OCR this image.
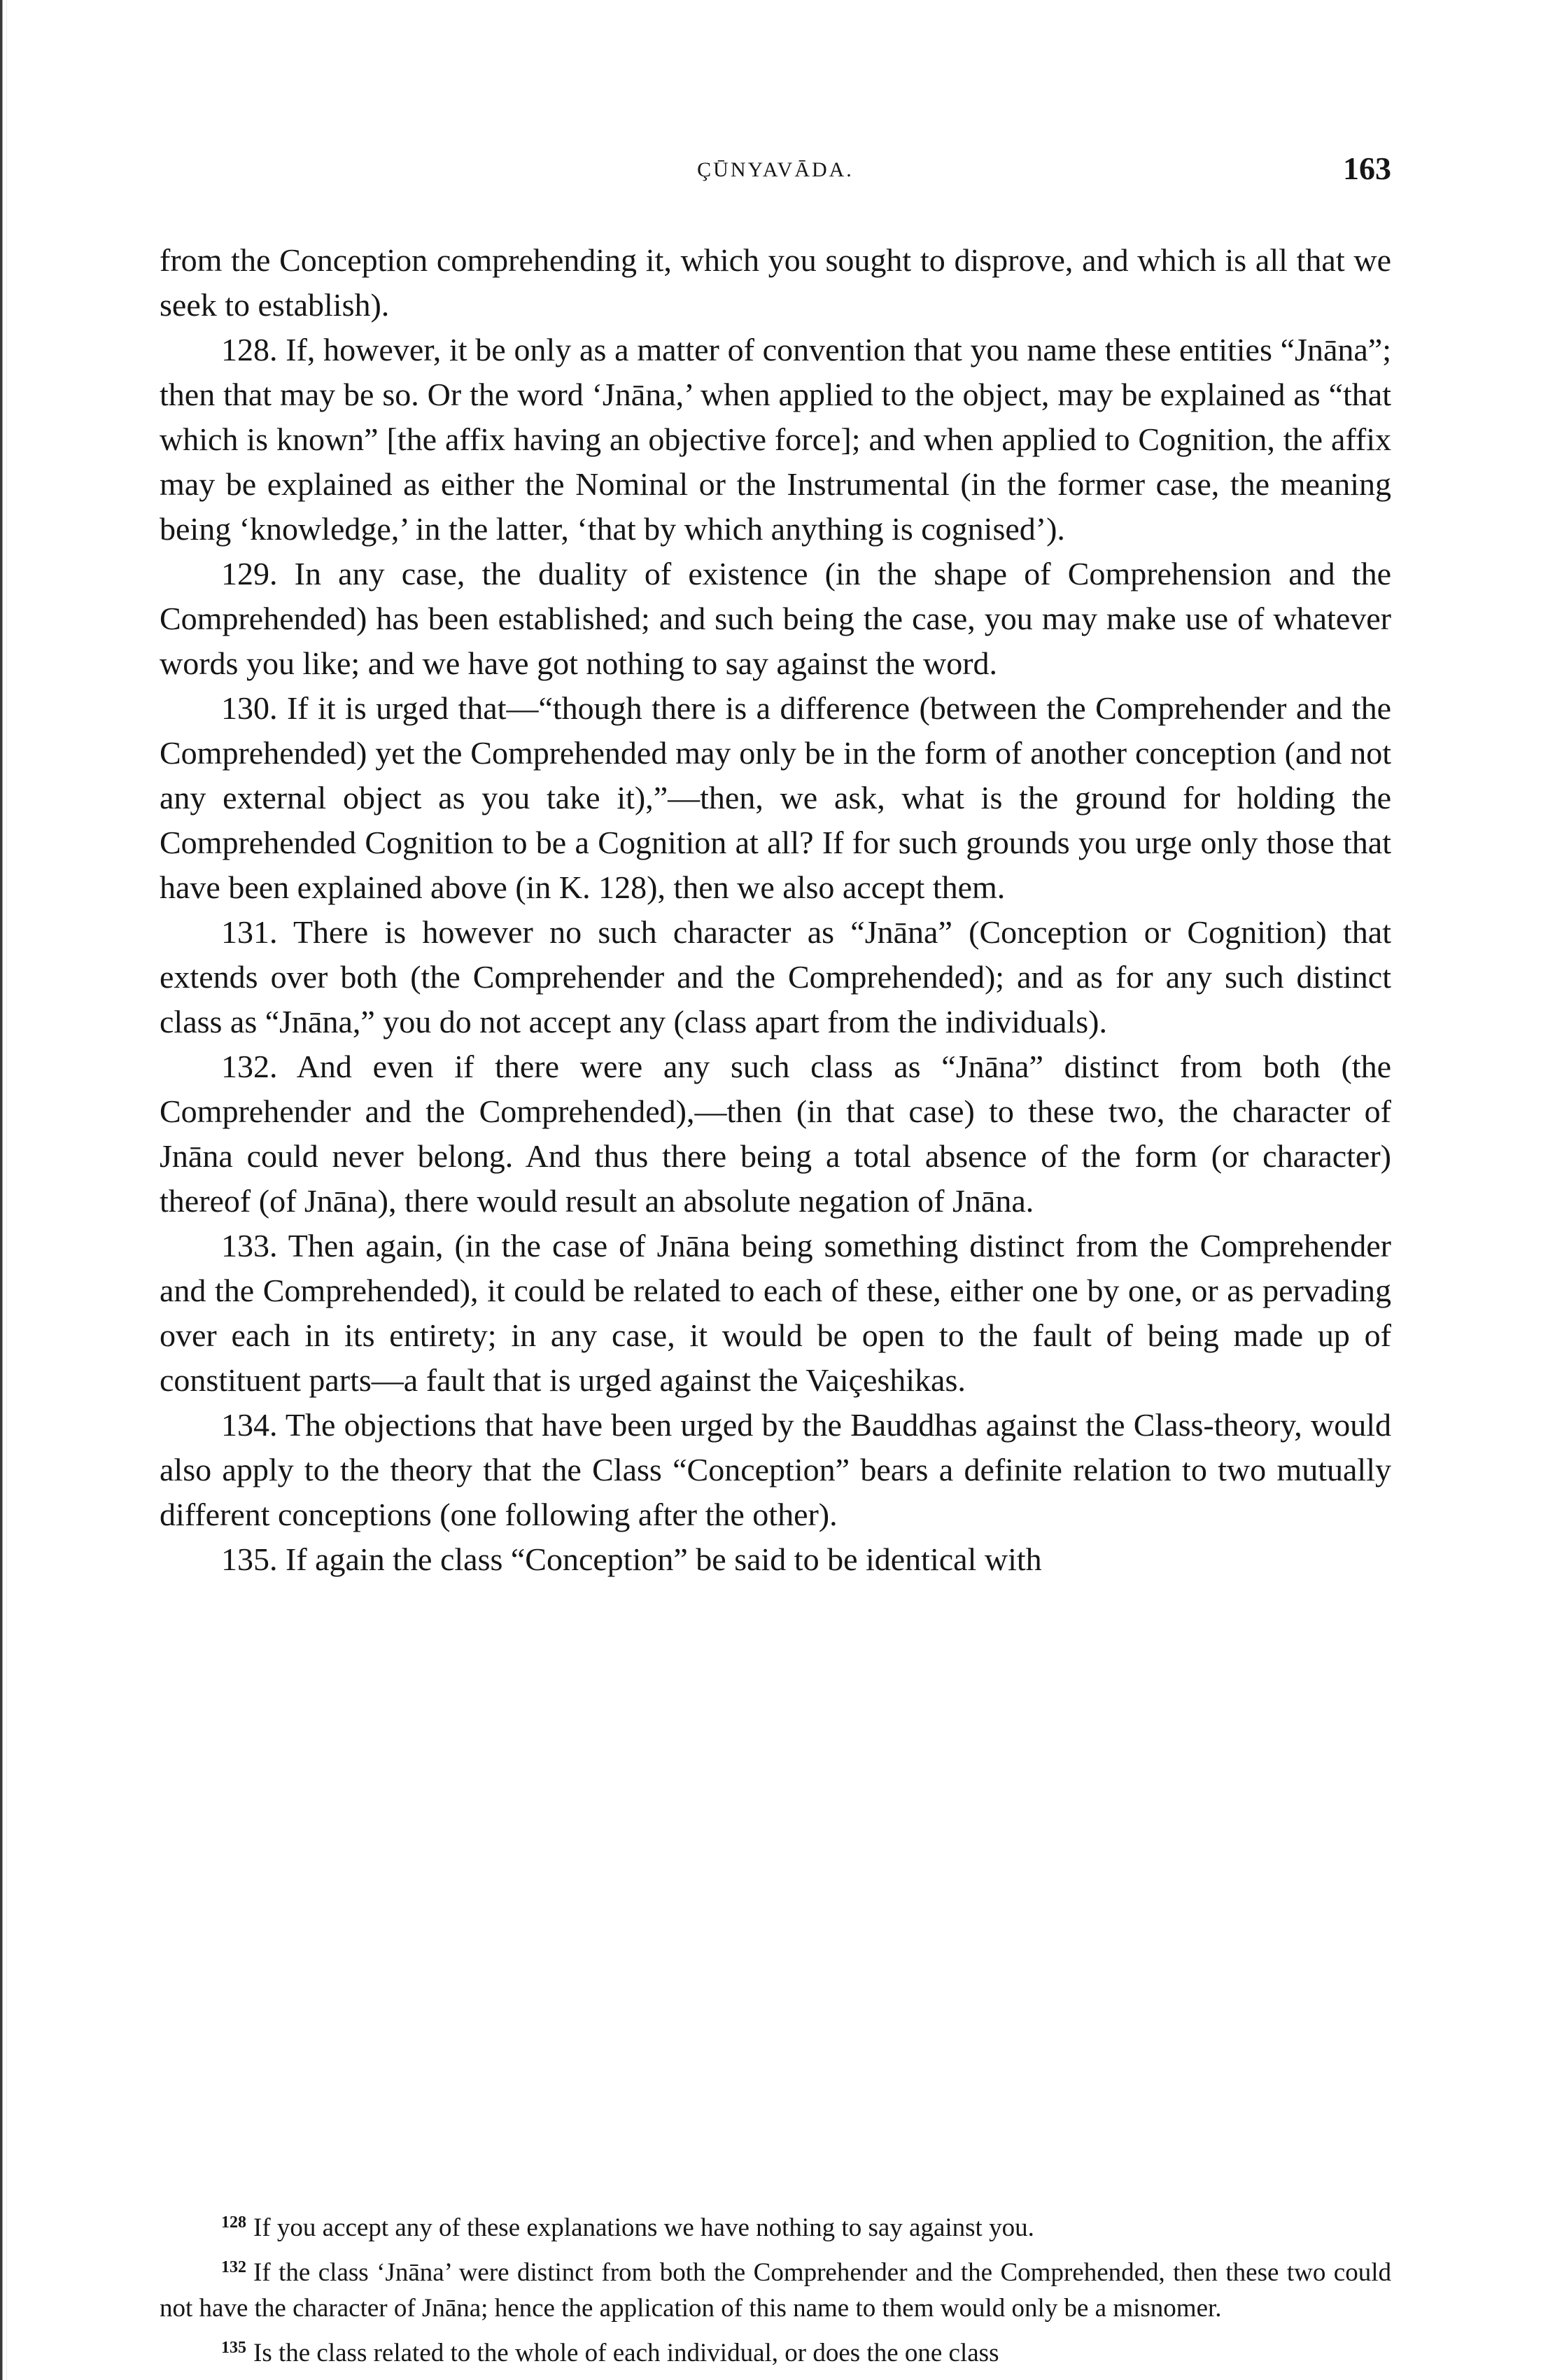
ÇŪNYAVĀDA.	163

from the Conception comprehending it, which you sought to disprove, and which is all that we seek to establish).

128. If, however, it be only as a matter of convention that you name these entities “Jnāna”; then that may be so. Or the word ‘Jnāna,’ when applied to the object, may be explained as “that which is known” [the affix having an objective force]; and when applied to Cognition, the affix may be explained as either the Nominal or the Instrumental (in the former case, the meaning being ‘knowledge,’ in the latter, ‘that by which anything is cognised’).

129. In any case, the duality of existence (in the shape of Comprehension and the Comprehended) has been established; and such being the case, you may make use of whatever words you like; and we have got nothing to say against the word.

130. If it is urged that—“though there is a difference (between the Comprehender and the Comprehended) yet the Comprehended may only be in the form of another conception (and not any external object as you take it),”—then, we ask, what is the ground for holding the Comprehended Cognition to be a Cognition at all? If for such grounds you urge only those that have been explained above (in K. 128), then we also accept them.

131. There is however no such character as “Jnāna” (Conception or Cognition) that extends over both (the Comprehender and the Comprehended); and as for any such distinct class as “Jnāna,” you do not accept any (class apart from the individuals).

132. And even if there were any such class as “Jnāna” distinct from both (the Comprehender and the Comprehended),—then (in that case) to these two, the character of Jnāna could never belong. And thus there being a total absence of the form (or character) thereof (of Jnāna), there would result an absolute negation of Jnāna.

133. Then again, (in the case of Jnāna being something distinct from the Comprehender and the Comprehended), it could be related to each of these, either one by one, or as pervading over each in its entirety; in any case, it would be open to the fault of being made up of constituent parts—a fault that is urged against the Vaiçeshikas.

134. The objections that have been urged by the Bauddhas against the Class-theory, would also apply to the theory that the Class “Conception” bears a definite relation to two mutually different conceptions (one following after the other).

135. If again the class “Conception” be said to be identical with

$^{128}$ If you accept any of these explanations we have nothing to say against you.

$^{132}$ If the class ‘Jnāna’ were distinct from both the Comprehender and the Comprehended, then these two could not have the character of Jnāna; hence the application of this name to them would only be a misnomer.

$^{135}$ Is the class related to the whole of each individual, or does the one class
